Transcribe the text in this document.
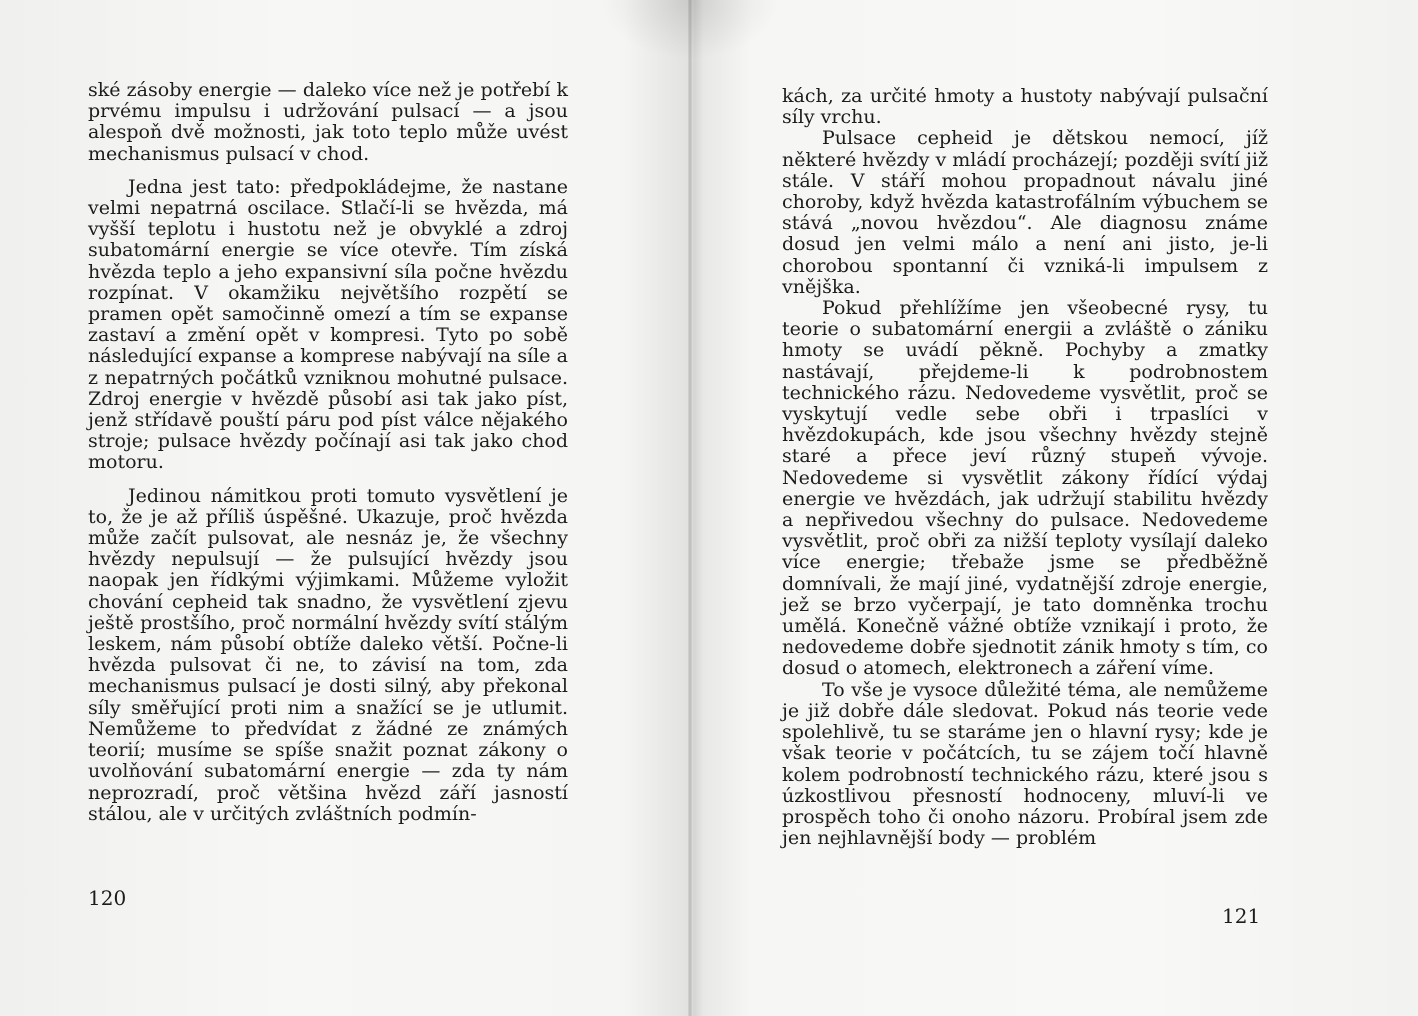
ské zásoby energie — daleko více než je potřebí k prvému impulsu i udržování pulsací — a jsou alespoň dvě možnosti, jak toto teplo může uvést mechanismus pulsací v chod.

Jedna jest tato: předpokládejme, že nastane velmi nepatrná oscilace. Stlačí-li se hvězda, má vyšší teplotu i hustotu než je obvyklé a zdroj subatomární energie se více otevře. Tím získá hvězda teplo a jeho expansivní síla počne hvězdu rozpínat. V okamžiku největšího rozpětí se pramen opět samočinně omezí a tím se expanse zastaví a změní opět v kompresi. Tyto po sobě následující expanse a komprese nabývají na síle a z nepatrných počátků vzniknou mohutné pulsace. Zdroj energie v hvězdě působí asi tak jako píst, jenž střídavě pouští páru pod píst válce nějakého stroje; pulsace hvězdy počínají asi tak jako chod motoru.

Jedinou námitkou proti tomuto vysvětlení je to, že je až příliš úspěšné. Ukazuje, proč hvězda může začít pulsovat, ale nesnáz je, že všechny hvězdy nepulsují — že pulsující hvězdy jsou naopak jen řídkými výjimkami. Můžeme vyložit chování cepheid tak snadno, že vysvětlení zjevu ještě prostšího, proč normální hvězdy svítí stálým leskem, nám působí obtíže daleko větší. Počne-li hvězda pulsovat či ne, to závisí na tom, zda mechanismus pulsací je dosti silný, aby překonal síly směřující proti nim a snažící se je utlumit. Nemůžeme to předvídat z žádné ze známých teorií; musíme se spíše snažit poznat zákony o uvolňování subatomární energie — zda ty nám neprozradí, proč většina hvězd září jasností stálou, ale v určitých zvláštních podmín-

120

kách, za určité hmoty a hustoty nabývají pulsační síly vrchu.

Pulsace cepheid je dětskou nemocí, jíž některé hvězdy v mládí procházejí; později svítí již stále. V stáří mohou propadnout návalu jiné choroby, když hvězda katastrofálním výbuchem se stává „novou hvězdou“. Ale diagnosu známe dosud jen velmi málo a není ani jisto, je-li chorobou spontanní či vzniká-li impulsem z vnějška.

Pokud přehlížíme jen všeobecné rysy, tu teorie o subatomární energii a zvláště o zániku hmoty se uvádí pěkně. Pochyby a zmatky nastávají, přejdeme-li k podrobnostem technického rázu. Nedovedeme vysvětlit, proč se vyskytují vedle sebe obři i trpaslíci v hvězdokupách, kde jsou všechny hvězdy stejně staré a přece jeví různý stupeň vývoje. Nedovedeme si vysvětlit zákony řídící výdaj energie ve hvězdách, jak udržují stabilitu hvězdy a nepřivedou všechny do pulsace. Nedovedeme vysvětlit, proč obři za nižší teploty vysílají daleko více energie; třebaže jsme se předběžně domnívali, že mají jiné, vydatnější zdroje energie, jež se brzo vyčerpají, je tato domněnka trochu umělá. Konečně vážné obtíže vznikají i proto, že nedovedeme dobře sjednotit zánik hmoty s tím, co dosud o atomech, elektronech a záření víme.

To vše je vysoce důležité téma, ale nemůžeme je již dobře dále sledovat. Pokud nás teorie vede spolehlivě, tu se staráme jen o hlavní rysy; kde je však teorie v počátcích, tu se zájem točí hlavně kolem podrobností technického rázu, které jsou s úzkostlivou přesností hodnoceny, mluví-li ve prospěch toho či onoho názoru. Probíral jsem zde jen nejhlavnější body — problém

121
